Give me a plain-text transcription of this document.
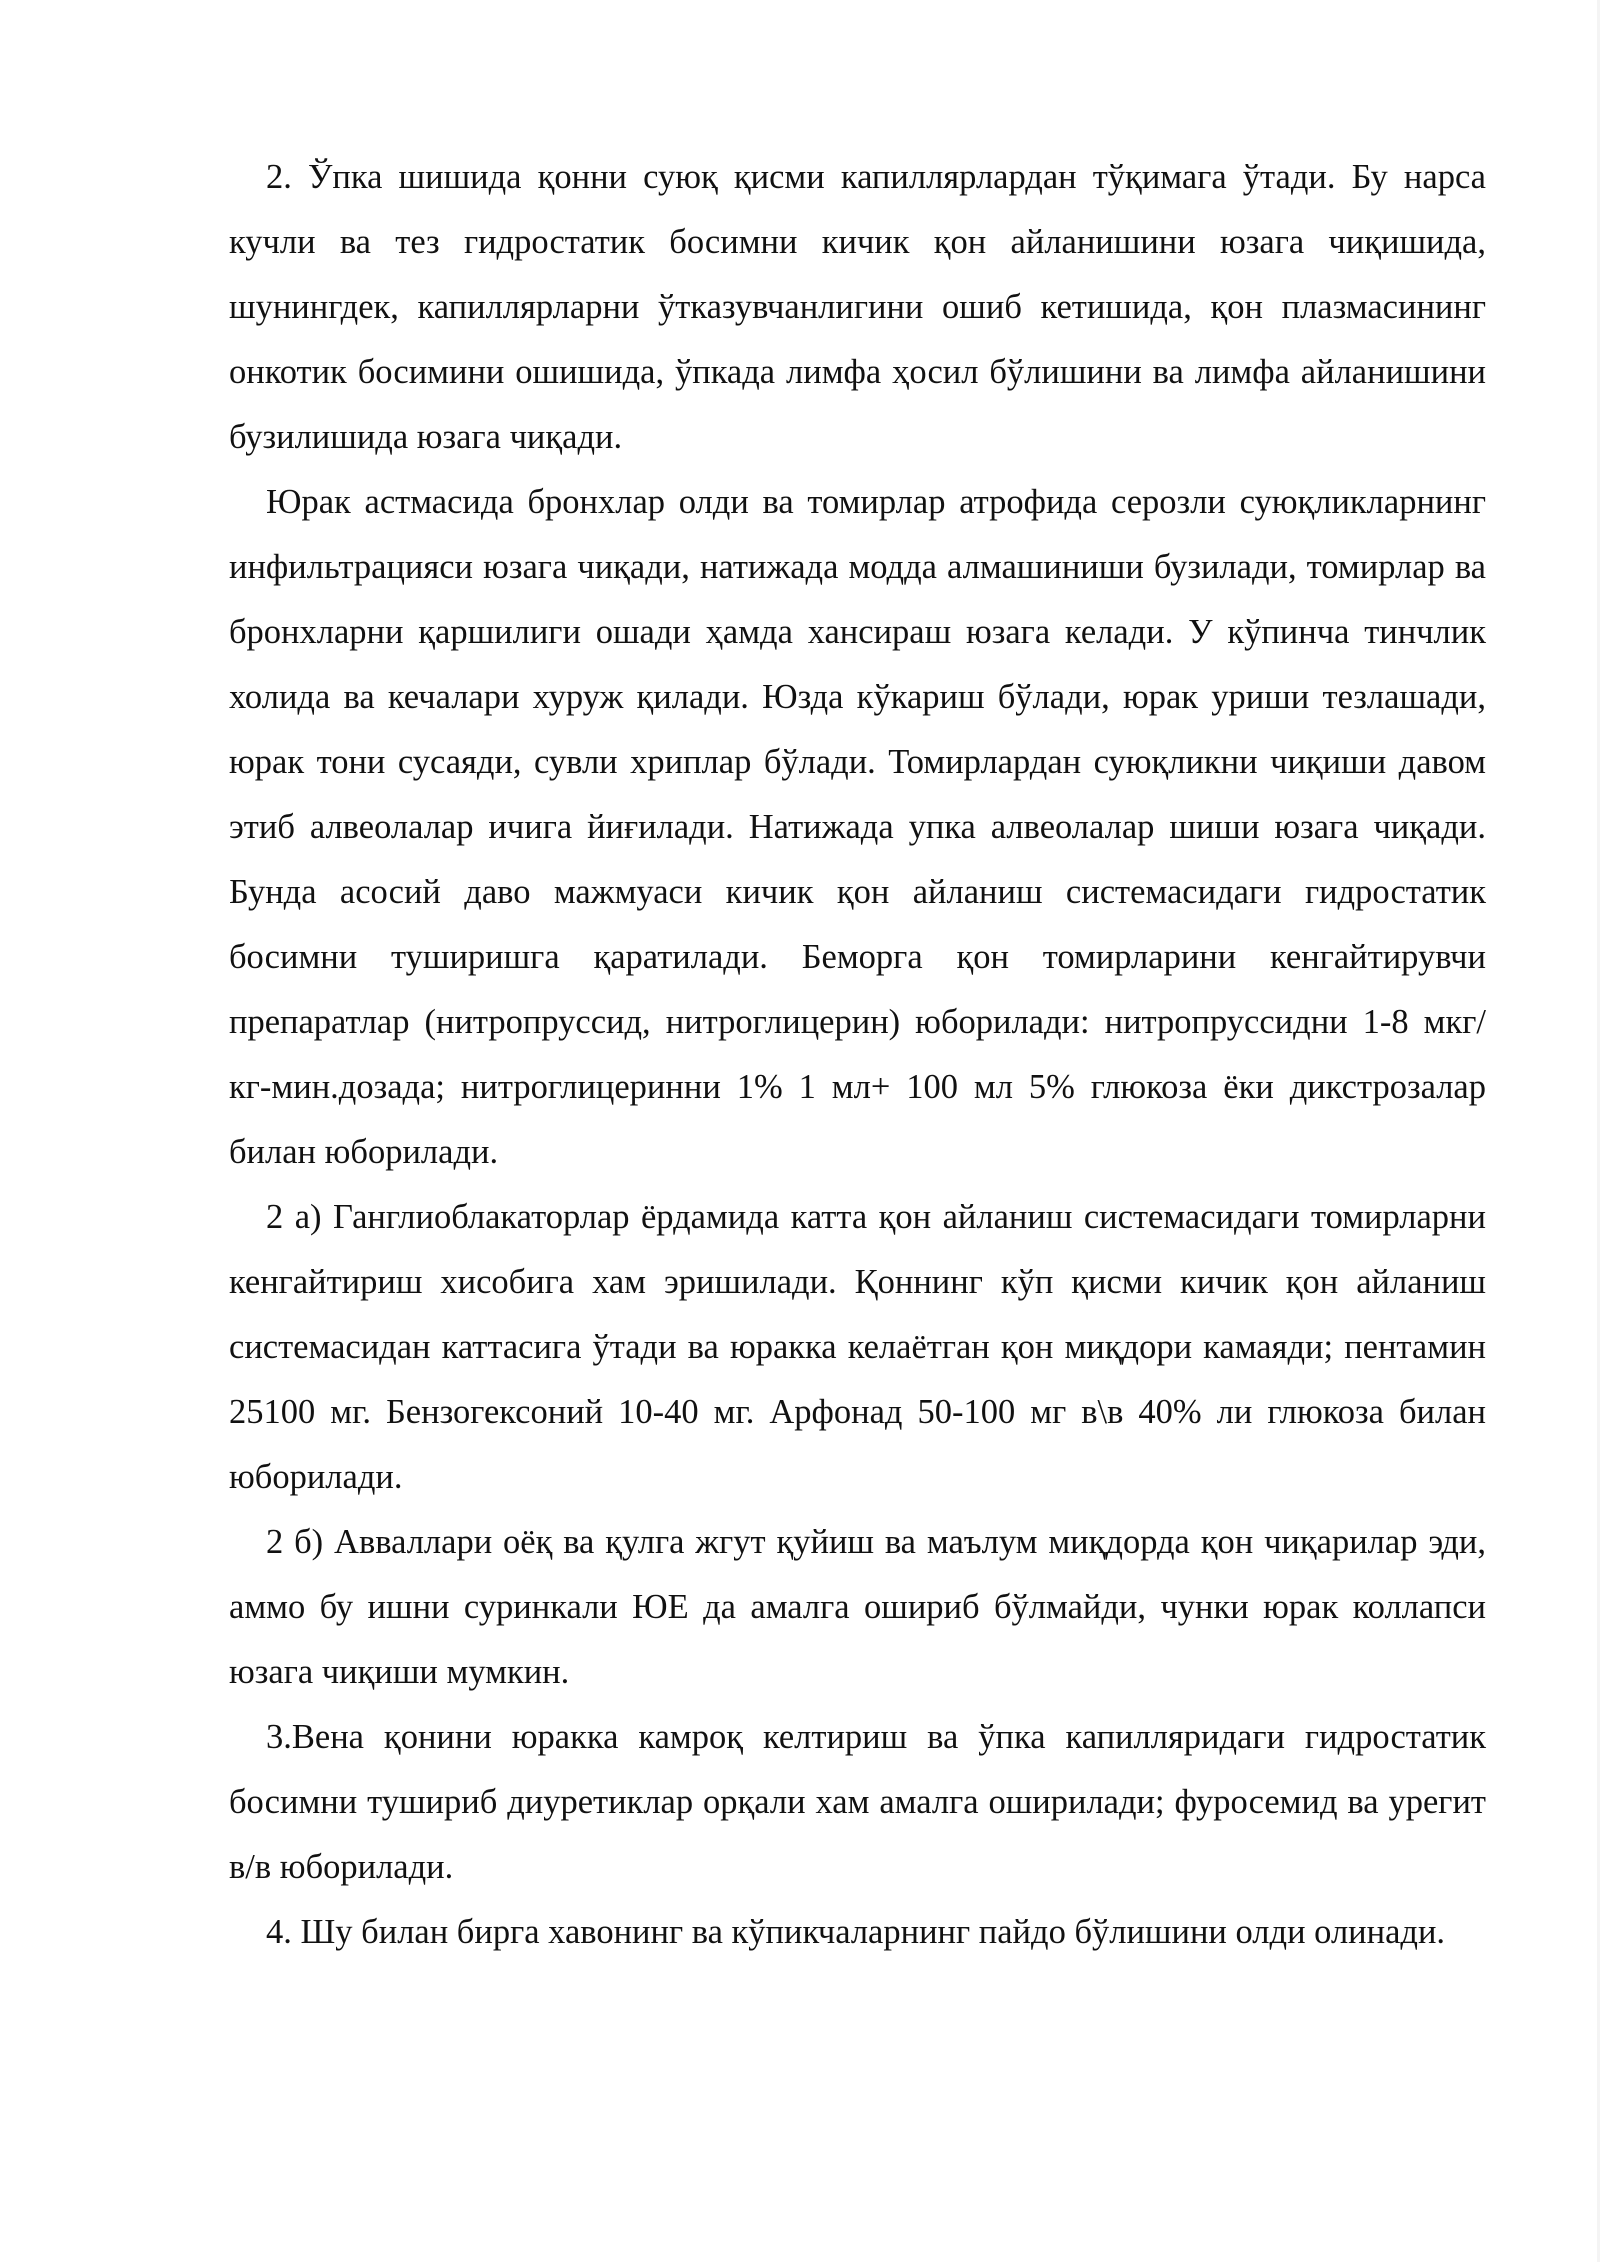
2. Ўпка шишида қонни суюқ қисми капиллярлардан тўқимага ўтади. Бу нарса кучли ва тез гидростатик босимни кичик қон айланишини юзага чиқишида, шунингдек, капиллярларни ўтказувчанлигини ошиб кетишида, қон плазмасининг онкотик босимини ошишида, ўпкада лимфа ҳосил бўлишини ва лимфа айланишини бузилишида юзага чиқади.

Юрак астмасида бронхлар олди ва томирлар атрофида серозли суюқликларнинг инфильтрацияси юзага чиқади, натижада модда алмашиниши бузилади, томирлар ва бронхларни қаршилиги ошади ҳамда хансираш юзага келади. У кўпинча тинчлик холида ва кечалари хуруж қилади. Юзда кўкариш бўлади, юрак уриши тезлашади, юрак тони сусаяди, сувли хриплар бўлади. Томирлардан суюқликни чиқиши давом этиб алвеолалар ичига йиғилади. Натижада упка алвеолалар шиши юзага чиқади. Бунда асосий даво мажмуаси кичик қон айланиш системасидаги гидростатик босимни туширишга қаратилади. Беморга қон томирларини кенгайтирувчи препаратлар (нитропруссид, нитроглицерин) юборилади: нитропруссидни 1-8 мкг/кг-мин.дозада; нитроглицеринни 1% 1 мл+ 100 мл 5% глюкоза ёки дикстрозалар билан юборилади.

2 а) Ганглиоблакаторлар ёрдамида катта қон айланиш системасидаги томирларни кенгайтириш хисобига хам эришилади. Қоннинг кўп қисми кичик қон айланиш системасидан каттасига ўтади ва юракка келаётган қон миқдори камаяди; пентамин 25100 мг. Бензогексоний 10-40 мг. Арфонад 50-100 мг в\в 40% ли глюкоза билан юборилади.

2 б) Авваллари оёқ ва қулга жгут қуйиш ва маълум миқдорда қон чиқарилар эди, аммо бу ишни суринкали ЮЕ да амалга ошириб бўлмайди, чунки юрак коллапси юзага чиқиши мумкин.

3.Вена қонини юракка камроқ келтириш ва ўпка капилляридаги гидростатик босимни тушириб диуретиклар орқали хам амалга оширилади; фуросемид ва урегит в/в юборилади.

4. Шу билан бирга хавонинг ва кўпикчаларнинг пайдо бўлишини олди олинади.
